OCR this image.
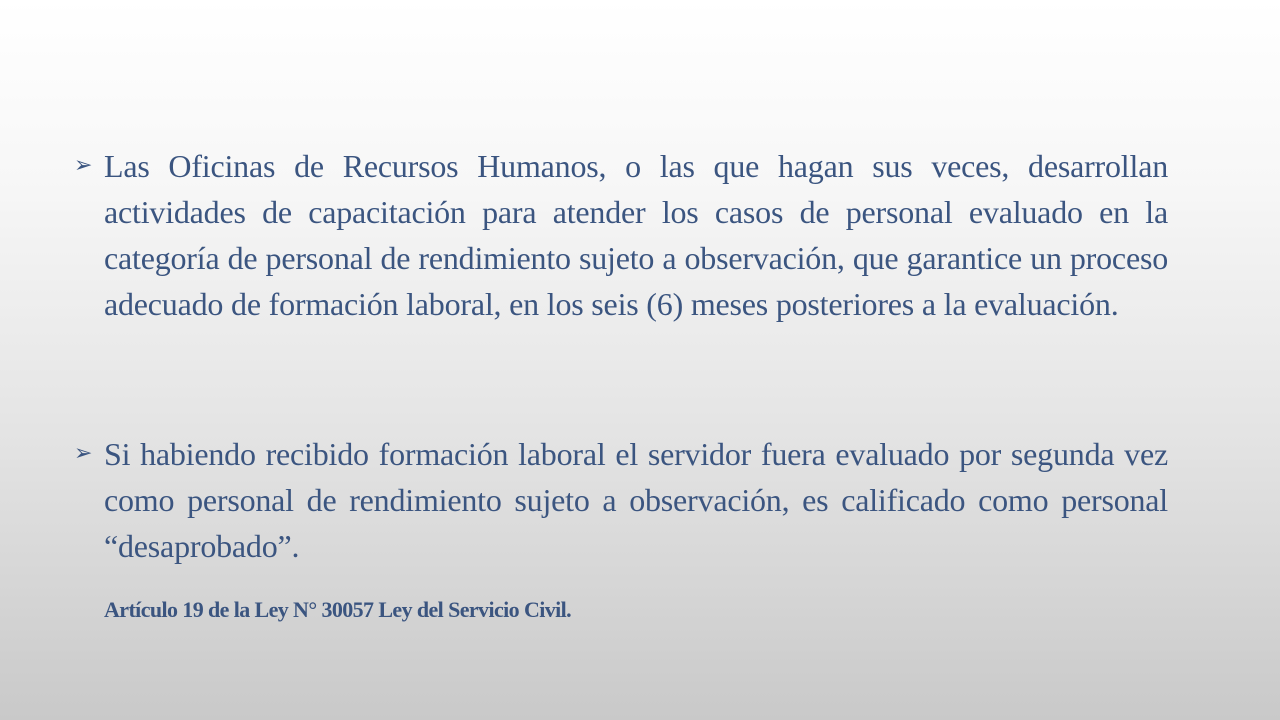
➢ Las Oficinas de Recursos Humanos, o las que hagan sus veces, desarrollan actividades de capacitación para atender los casos de personal evaluado en la categoría de personal de rendimiento sujeto a observación, que garantice un proceso adecuado de formación laboral, en los seis (6) meses posteriores a la evaluación.

➢ Si habiendo recibido formación laboral el servidor fuera evaluado por segunda vez como personal de rendimiento sujeto a observación, es calificado como personal “desaprobado”.

Artículo 19 de la Ley N° 30057 Ley del Servicio Civil.
